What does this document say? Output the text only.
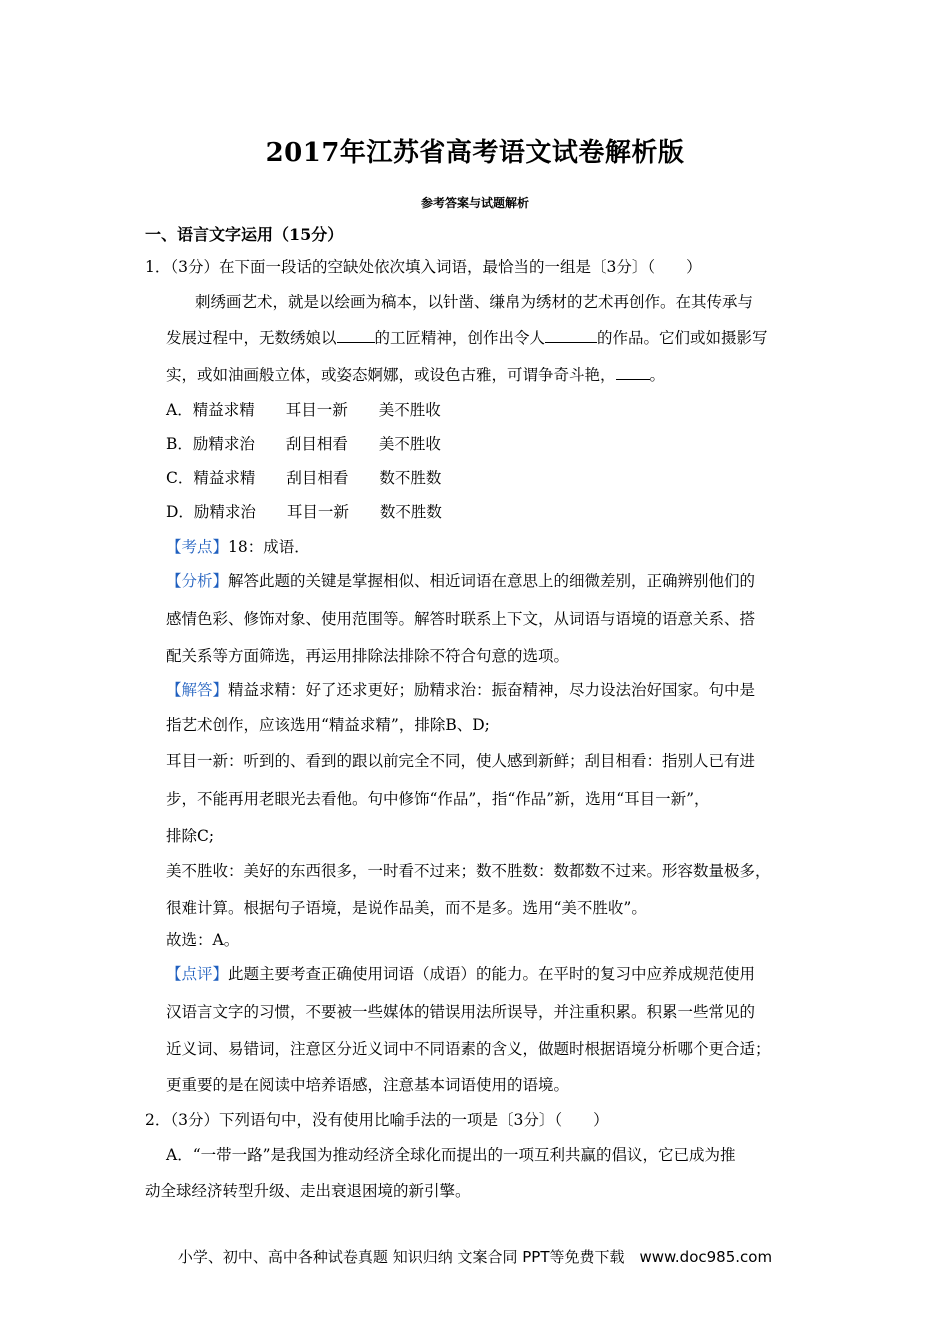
2017年江苏省高考语文试卷解析版
参考答案与试题解析
一、语言文字运用（15分）
1．（3分）在下面一段话的空缺处依次填入词语，最恰当的一组是〔3分〕（　　）
刺绣画艺术，就是以绘画为稿本，以针凿、缣帛为绣材的艺术再创作。在其传承与
发展过程中，无数绣娘以 的工匠精神，创作出令人	的作品。它们或如摄影写
实，或如油画般立体，或姿态婀娜，或设色古雅，可谓争奇斗艳， 。
A．精益求精　　耳目一新　　美不胜收
B．励精求治　　刮目相看　　美不胜收
C．精益求精　　刮目相看　　数不胜数
D．励精求治　　耳目一新　　数不胜数
【考点】18：成语．
【分析】解答此题的关键是掌握相似、相近词语在意思上的细微差别，正确辨别他们的
感情色彩、修饰对象、使用范围等。解答时联系上下文，从词语与语境的语意关系、搭
配关系等方面筛选，再运用排除法排除不符合句意的选项。
【解答】精益求精：好了还求更好；励精求治：振奋精神，尽力设法治好国家。句中是
指艺术创作，应该选用“精益求精”，排除B、D;
耳目一新：听到的、看到的跟以前完全不同，使人感到新鲜；刮目相看：指别人已有进
步，不能再用老眼光去看他。句中修饰“作品”，指“作品”新，选用“耳目一新”，
排除C;
美不胜收：美好的东西很多，一时看不过来；数不胜数：数都数不过来。形容数量极多，
很难计算。根据句子语境，是说作品美，而不是多。选用“美不胜收”。
故选：A。
【点评】此题主要考查正确使用词语（成语）的能力。在平时的复习中应养成规范使用
汉语言文字的习惯，不要被一些媒体的错误用法所误导，并注重积累。积累一些常见的
近义词、易错词，注意区分近义词中不同语素的含义，做题时根据语境分析哪个更合适；
更重要的是在阅读中培养语感，注意基本词语使用的语境。
2．（3分）下列语句中，没有使用比喻手法的一项是〔3分〕（　　）
A．“一带一路”是我国为推动经济全球化而提出的一项互利共赢的倡议，它已成为推
动全球经济转型升级、走出衰退困境的新引擎。
小学、初中、高中各种试卷真题 知识归纳 文案合同 PPT等免费下载　www.doc985.com
